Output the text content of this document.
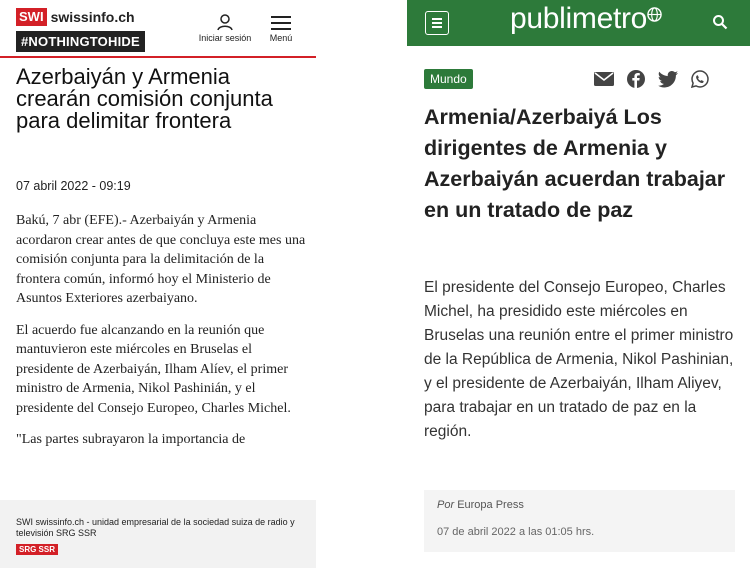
SWI swissinfo.ch
#NOTHINGTOHIDE	Iniciar sesión	Menú
Azerbaiyán y Armenia crearán comisión conjunta para delimitar frontera
07 abril 2022 - 09:19

Bakú, 7 abr (EFE).- Azerbaiyán y Armenia acordaron crear antes de que concluya este mes una comisión conjunta para la delimitación de la frontera común, informó hoy el Ministerio de Asuntos Exteriores azerbaiyano.

El acuerdo fue alcanzando en la reunión que mantuvieron este miércoles en Bruselas el presidente de Azerbaiyán, Ilham Alíev, el primer ministro de Armenia, Nikol Pashinián, y el presidente del Consejo Europeo, Charles Michel.

"Las partes subrayaron la importancia de

SWI swissinfo.ch - unidad empresarial de la sociedad suiza de radio y televisión SRG SSR
SRG SSR
publimetro
Mundo
Armenia/Azerbaiyá Los dirigentes de Armenia y Azerbaiyán acuerdan trabajar en un tratado de paz

El presidente del Consejo Europeo, Charles Michel, ha presidido este miércoles en Bruselas una reunión entre el primer ministro de la República de Armenia, Nikol Pashinian, y el presidente de Azerbaiyán, Ilham Aliyev, para trabajar en un tratado de paz en la región.

Por Europa Press
07 de abril 2022 a las 01:05 hrs.
